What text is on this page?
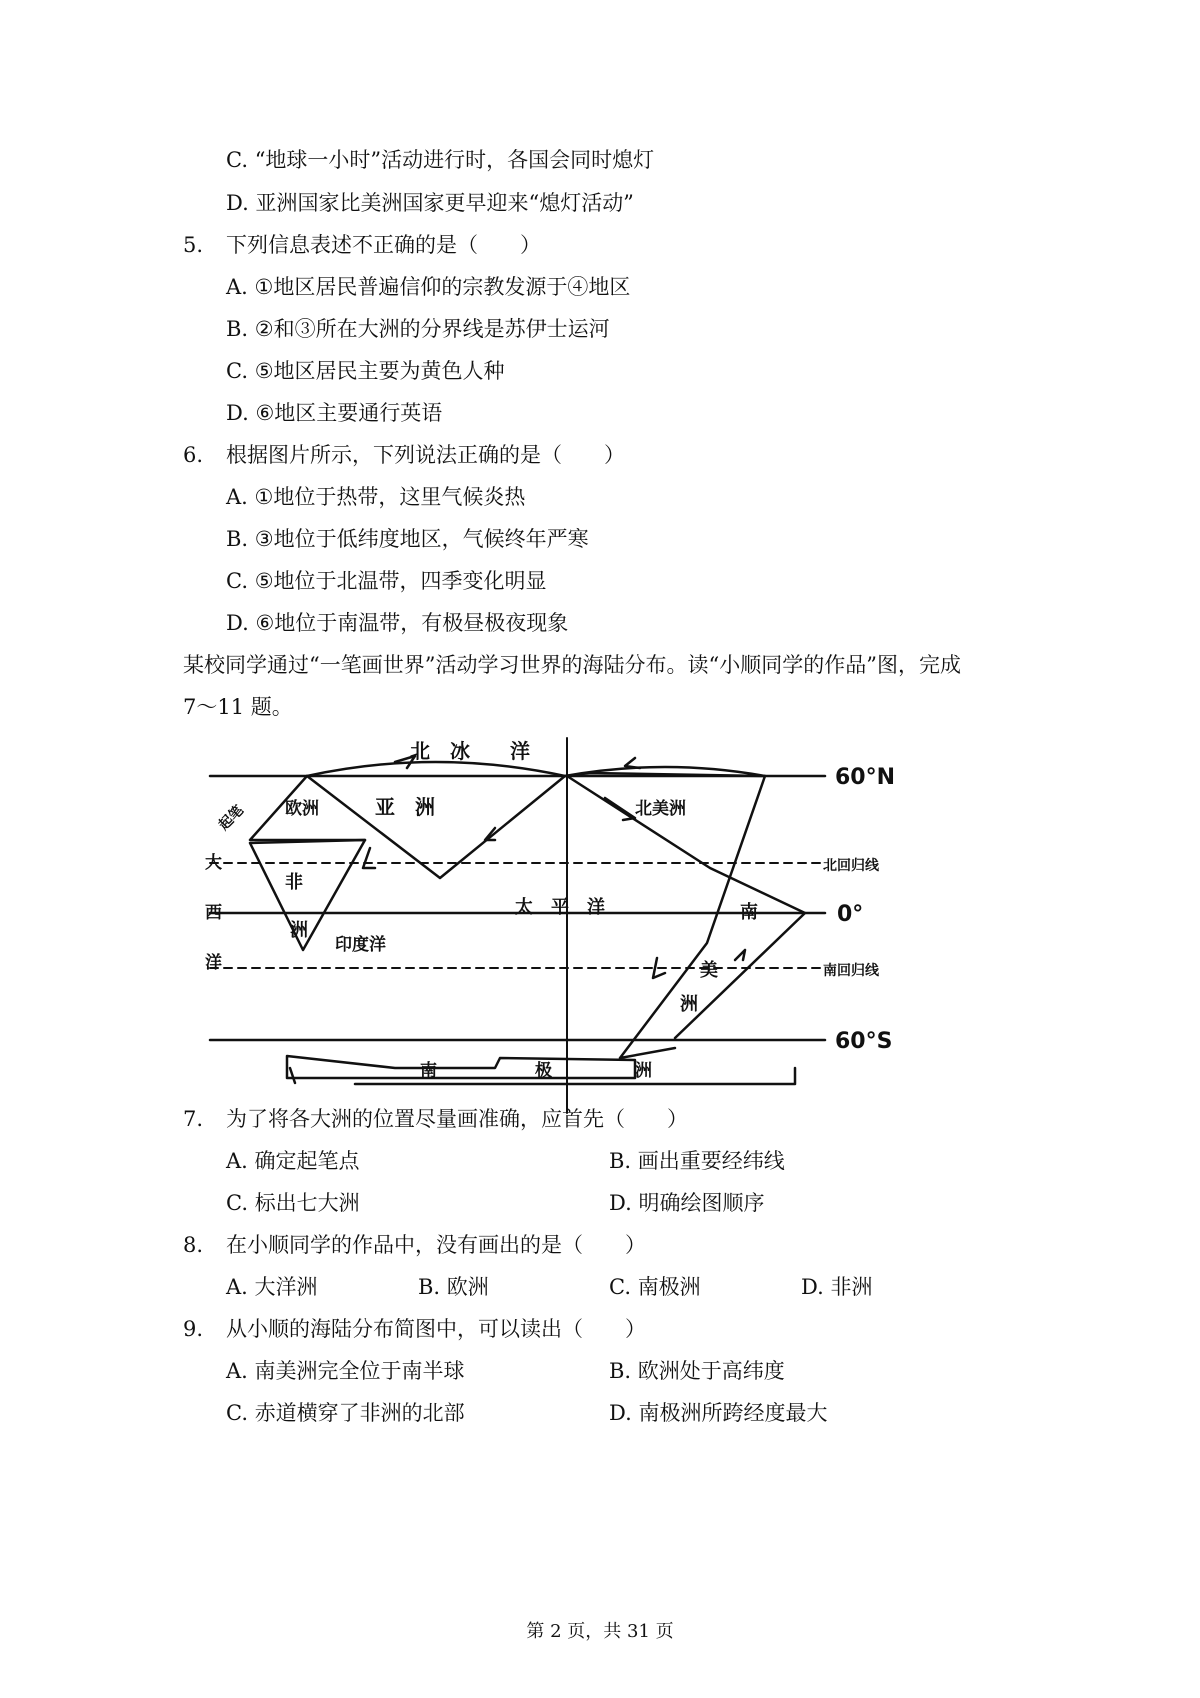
C. “地球一小时”活动进行时，各国会同时熄灯
D. 亚洲国家比美洲国家更早迎来“熄灯活动”
5. 下列信息表述不正确的是（　　）
A. ①地区居民普遍信仰的宗教发源于④地区
B. ②和③所在大洲的分界线是苏伊士运河
C. ⑤地区居民主要为黄色人种
D. ⑥地区主要通行英语
6. 根据图片所示，下列说法正确的是（　　）
A. ①地位于热带，这里气候炎热
B. ③地位于低纬度地区，气候终年严寒
C. ⑤地位于北温带，四季变化明显
D. ⑥地位于南温带，有极昼极夜现象
某校同学通过“一笔画世界”活动学习世界的海陆分布。读“小顺同学的作品”图，完成
7～11 题。
60°N
北回归线
0°
南回归线
60°S
北　冰　　洋
亚　洲
欧洲	北美洲
非
洲
印度洋
太　平　洋	南
美
洲
南	极	洲
大
西
洋
起笔
7. 为了将各大洲的位置尽量画准确，应首先（　　）
A. 确定起笔点	B. 画出重要经纬线
C. 标出七大洲	D. 明确绘图顺序
8. 在小顺同学的作品中，没有画出的是（　　）
A. 大洋洲	B. 欧洲	C. 南极洲	D. 非洲
9. 从小顺的海陆分布简图中，可以读出（　　）
A. 南美洲完全位于南半球	B. 欧洲处于高纬度
C. 赤道横穿了非洲的北部	D. 南极洲所跨经度最大
第 2 页，共 31 页
